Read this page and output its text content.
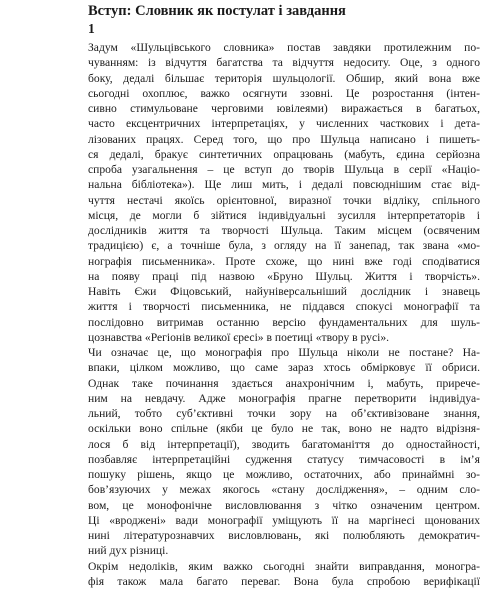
Вступ: Словник як постулат і завдання
1
Задум «Шульцівського словника» постав завдяки протилежним по-
чуванням: із відчуття багатства та відчуття недоситу. Оце, з одного
боку, дедалі більшає територія шульцології. Обшир, який вона вже
сьогодні охоплює, важко осягнути ззовні. Це розростання (інтен-
сивно стимульоване черговими ювілеями) виражається в багатьох,
часто ексцентричних інтерпретаціях, у численних часткових і дета-
лізованих працях. Серед того, що про Шульца написано і пишеть-
ся дедалі, бракує синтетичних опрацювань (мабуть, єдина серйозна
спроба узагальнення – це вступ до творів Шульца в серії «Націо-
нальна бібліотека»). Ще лиш мить, і дедалі повсюднішим стає від-
чуття нестачі якоїсь орієнтовної, виразної точки відліку, спільного
місця, де могли б зійтися індивідуальні зусилля інтерпретаторів і
дослідників життя та творчості Шульца. Таким місцем (освяченим
традицією) є, а точніше була, з огляду на її занепад, так звана «мо-
нографія письменника». Проте схоже, що нині вже годі сподіватися
на появу праці під назвою «Бруно Шульц. Життя і творчість».
Навіть Єжи Фіцовський, найуніверсальніший дослідник і знавець
життя і творчості письменника, не піддався спокусі монографії та
послідовно витримав останню версію фундаментальних для шуль-
цознавства «Регіонів великої єресі» в поетиці «твору в русі».
Чи означає це, що монографія про Шульца ніколи не постане? На-
впаки, цілком можливо, що саме зараз хтось обмірковує її обриси.
Однак таке починання здається анахронічним і, мабуть, прирече-
ним на невдачу. Адже монографія прагне перетворити індивідуа-
льний, тобто суб’єктивні точки зору на об’єктивізоване знання,
оскільки воно спільне (якби це було не так, воно не надто відрізня-
лося б від інтерпретації), зводить багатоманіття до одностайності,
позбавляє інтерпретаційні судження статусу тимчасовості в ім’я
пошуку рішень, якщо це можливо, остаточних, або принаймні зо-
бов’язуючих у межах якогось «стану дослідження», – одним сло-
вом, це монофонічне висловлювання з чітко означеним центром.
Ці «вроджені» вади монографії уміщують її на маргінесі щонованих
нині літературознавчих висловлювань, які полюбляють демократич-
ний дух різниці.
Окрім недоліків, яким важко сьогодні знайти виправдання, моногра-
фія також мала багато переваг. Вона була спробою верифікації
